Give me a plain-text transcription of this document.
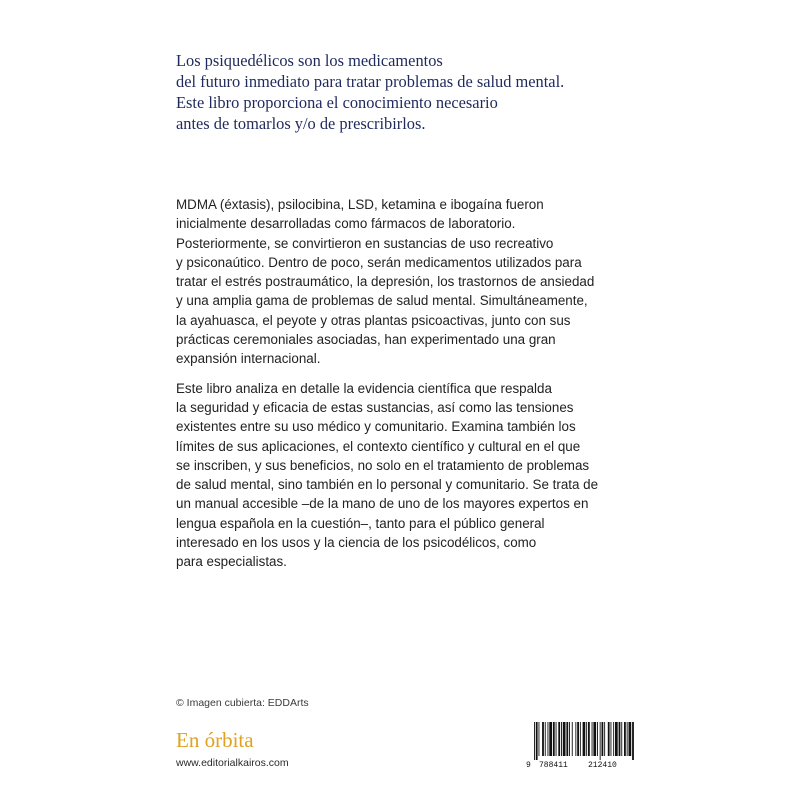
Los psiquedélicos son los medicamentos
del futuro inmediato para tratar problemas de salud mental.
Este libro proporciona el conocimiento necesario
antes de tomarlos y/o de prescribirlos.
MDMA (éxtasis), psilocibina, LSD, ketamina e ibogaína fueron
inicialmente desarrolladas como fármacos de laboratorio.
Posteriormente, se convirtieron en sustancias de uso recreativo
y psiconaútico. Dentro de poco, serán medicamentos utilizados para
tratar el estrés postraumático, la depresión, los trastornos de ansiedad
y una amplia gama de problemas de salud mental. Simultáneamente,
la ayahuasca, el peyote y otras plantas psicoactivas, junto con sus
prácticas ceremoniales asociadas, han experimentado una gran
expansión internacional.
Este libro analiza en detalle la evidencia científica que respalda
la seguridad y eficacia de estas sustancias, así como las tensiones
existentes entre su uso médico y comunitario. Examina también los
límites de sus aplicaciones, el contexto científico y cultural en el que
se inscriben, y sus beneficios, no solo en el tratamiento de problemas
de salud mental, sino también en lo personal y comunitario. Se trata de
un manual accesible –de la mano de uno de los mayores expertos en
lengua española en la cuestión–, tanto para el público general
interesado en los usos y la ciencia de los psicodélicos, como
para especialistas.
© Imagen cubierta: EDDArts
En órbita
www.editorialkairos.com	9 788411	212410
